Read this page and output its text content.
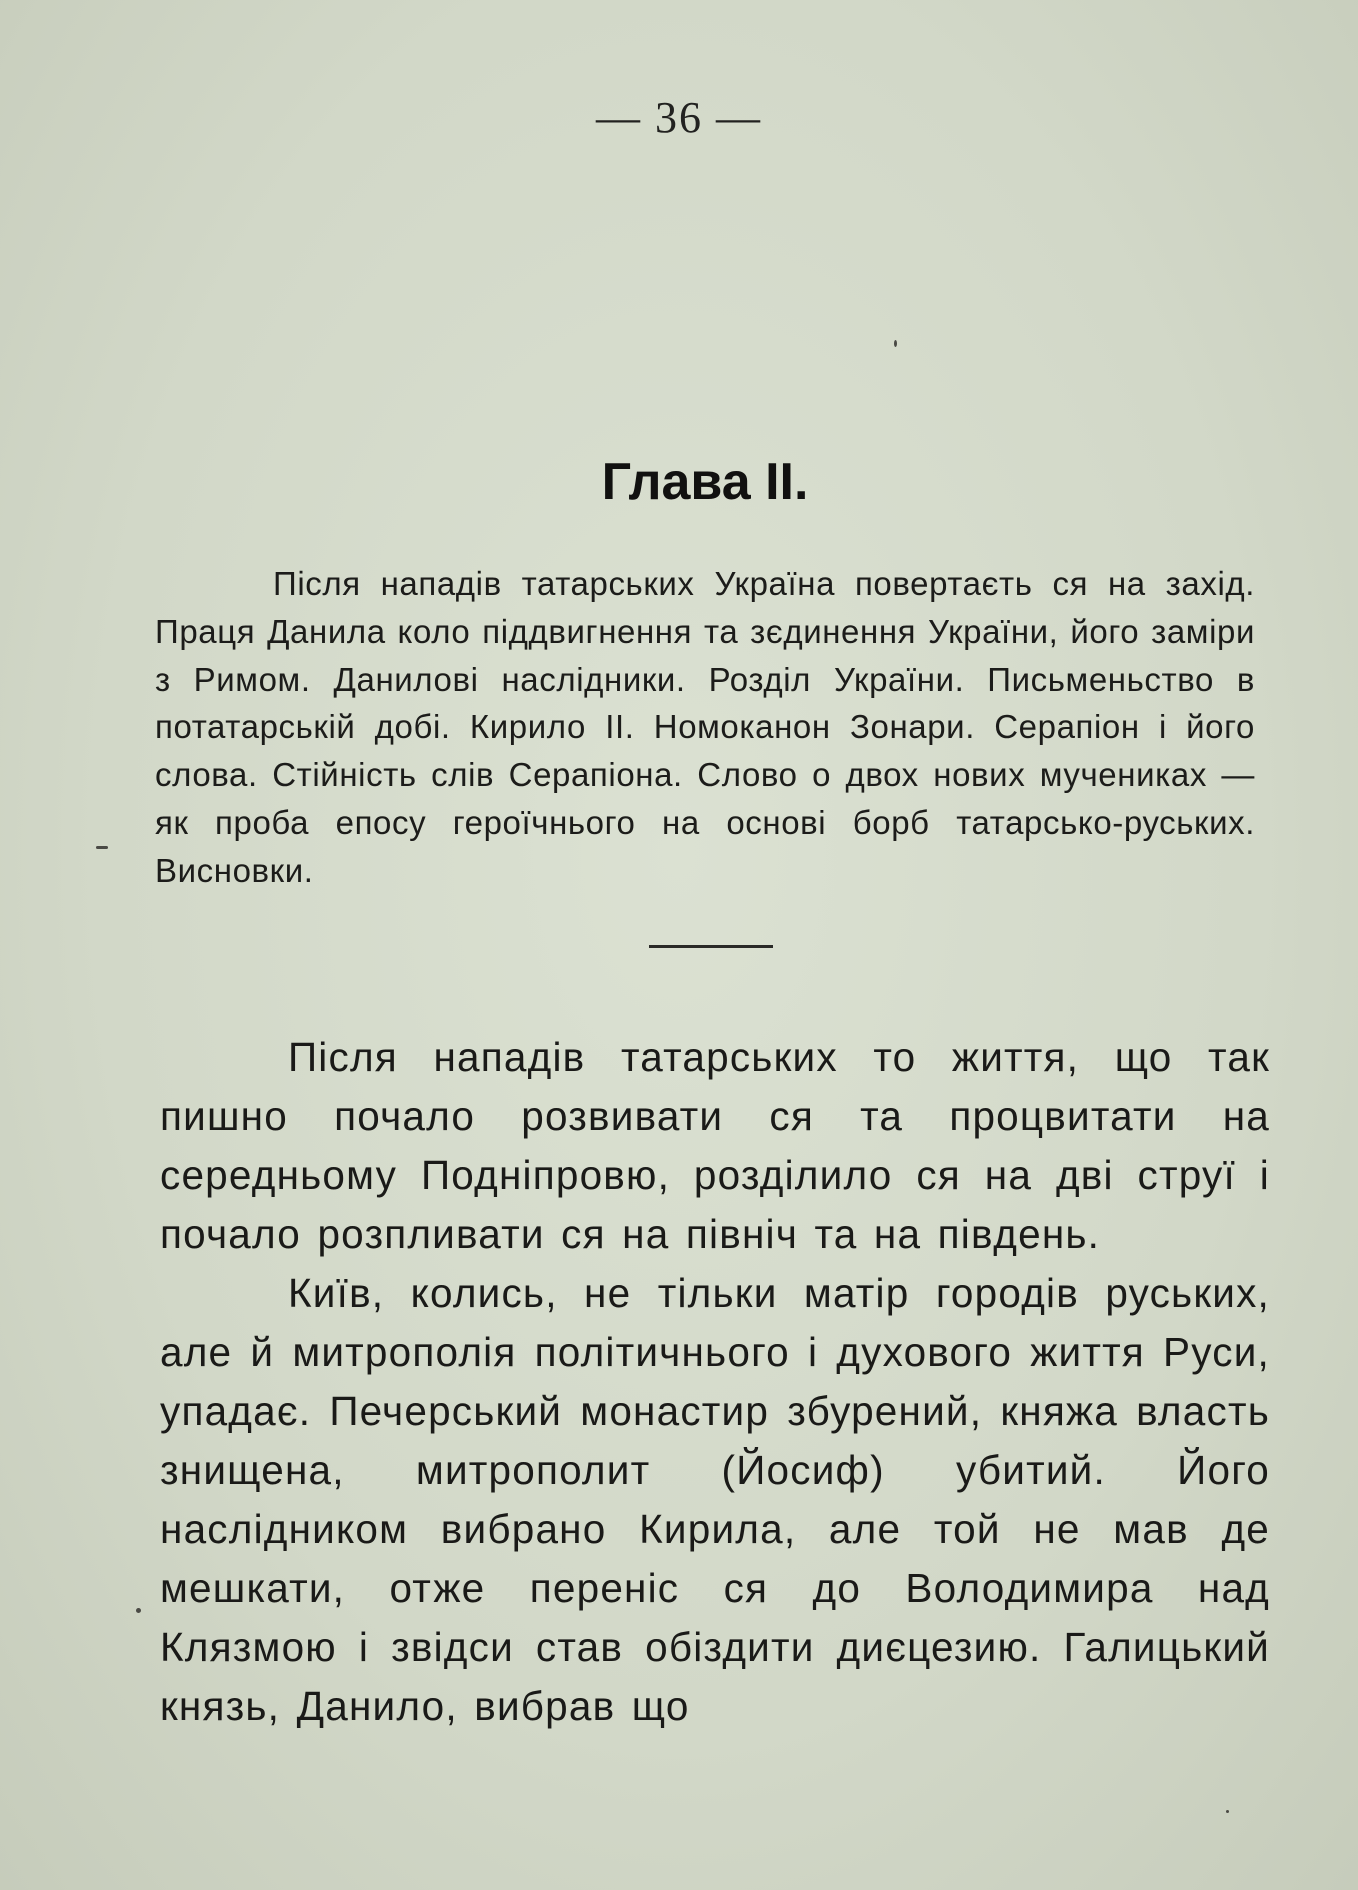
— 36 —
Глава II.
Після нападів татарських Україна повертаєть ся на захід. Праця Данила коло піддвигнення та зєдинення України, його заміри з Римом. Даниловi наслiдники. Роздiл України. Письменьство в потатарськiй добi. Кирило II. Номоканон Зонари. Серапiон i його слова. Стiйнiсть слiв Серапiона. Слово о двох нових мучениках — як проба епосу героїчнього на основi борб татарсько-руських. Висновки.

Після нападів татарських то життя, що так пишно почало розвивати ся та процвитати на середньому Поднiпровю, роздiлило ся на двi струї i почало розпливати ся на пiвнiч та на пiвдень.

Київ, колись, не тiльки матiр городiв руських, але й митрополiя полiтичнього i духового життя Руси, упадає. Печерський монастир збурений, княжа власть знищена, митрополит (Йосиф) убитий. Його наслiдником вибрано Кирила, але той не мав де мешкати, отже перенiс ся до Володимира над Клязмою i звiдси став обiздити диєцезию. Галицький князь, Данило, вибрав що
